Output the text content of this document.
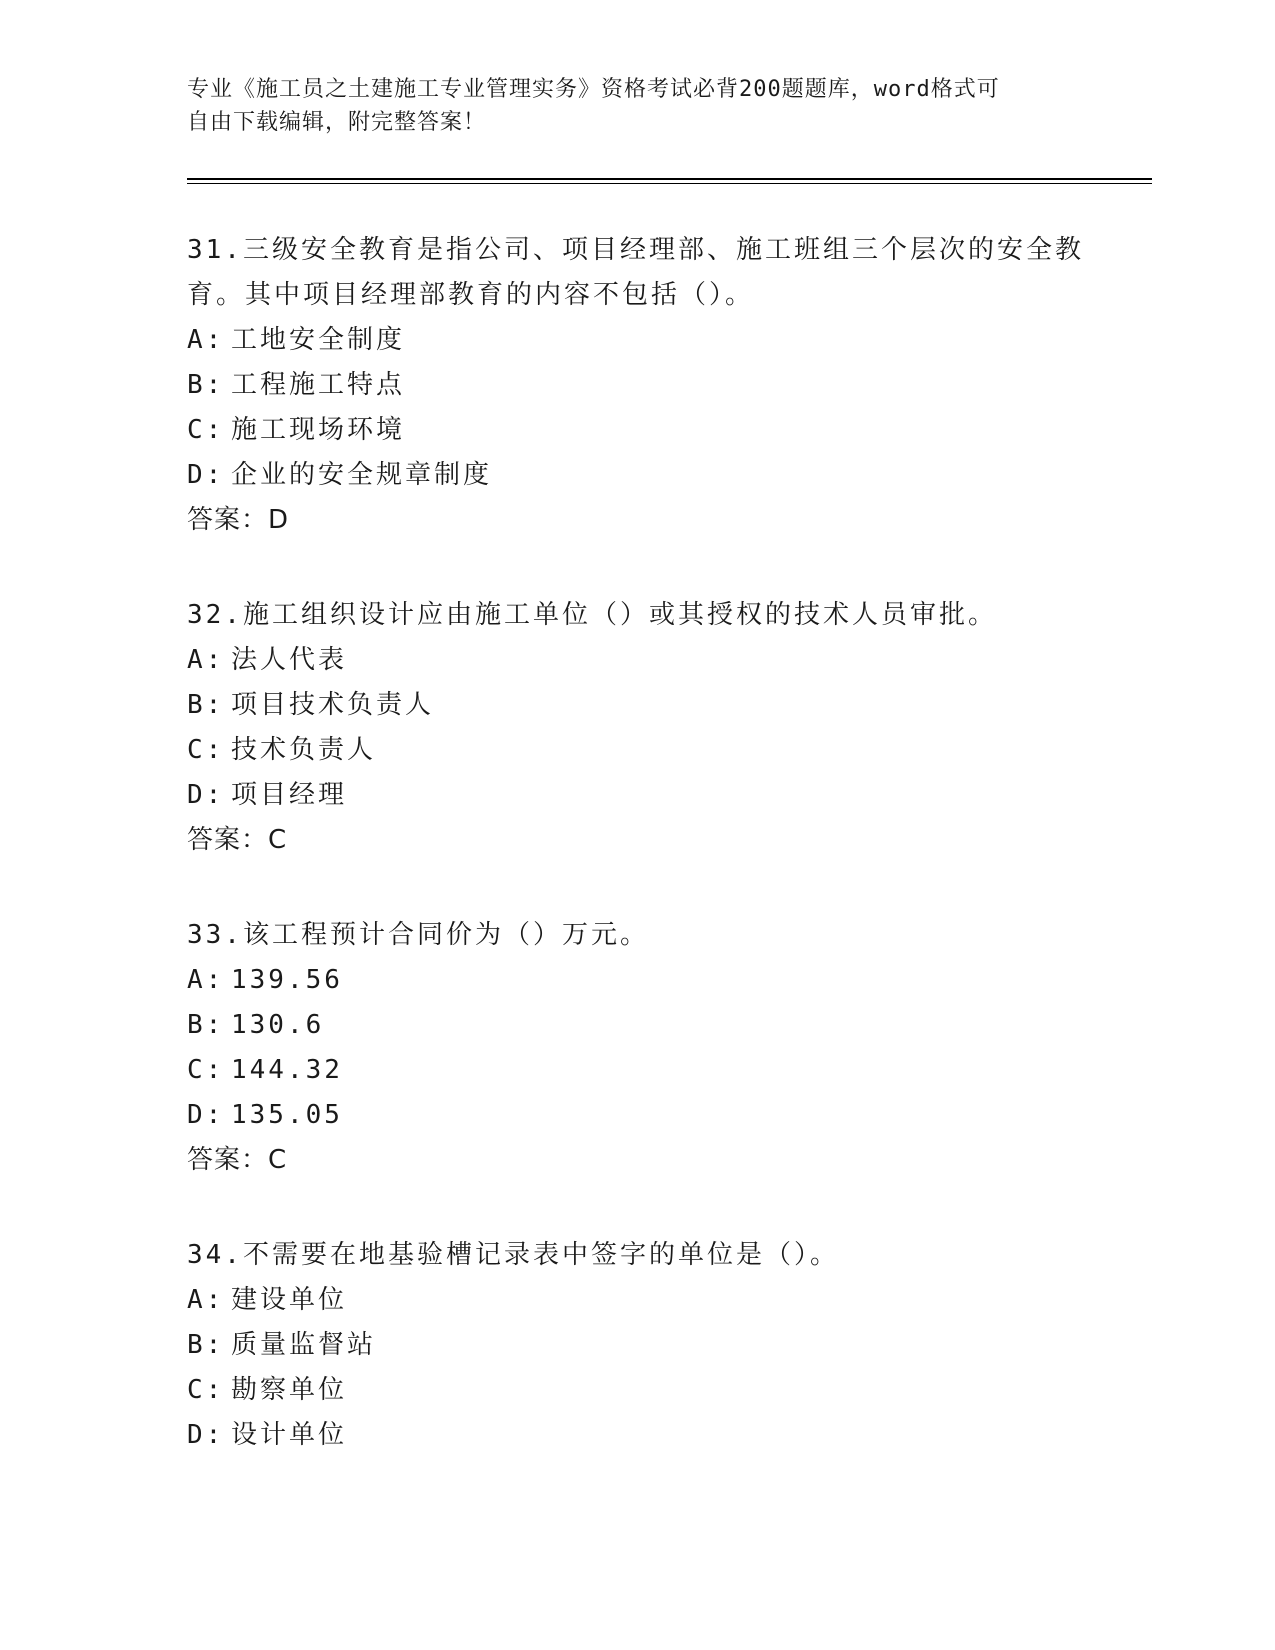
专业《施工员之土建施工专业管理实务》资格考试必背200题题库，word格式可
自由下载编辑，附完整答案！
31.三级安全教育是指公司、项目经理部、施工班组三个层次的安全教
育。其中项目经理部教育的内容不包括（）。
A: 工地安全制度
B: 工程施工特点
C: 施工现场环境
D: 企业的安全规章制度
答案：D
32.施工组织设计应由施工单位（）或其授权的技术人员审批。
A: 法人代表
B: 项目技术负责人
C: 技术负责人
D: 项目经理
答案：C
33.该工程预计合同价为（）万元。
A: 139.56
B: 130.6
C: 144.32
D: 135.05
答案：C
34.不需要在地基验槽记录表中签字的单位是（）。
A: 建设单位
B: 质量监督站
C: 勘察单位
D: 设计单位
